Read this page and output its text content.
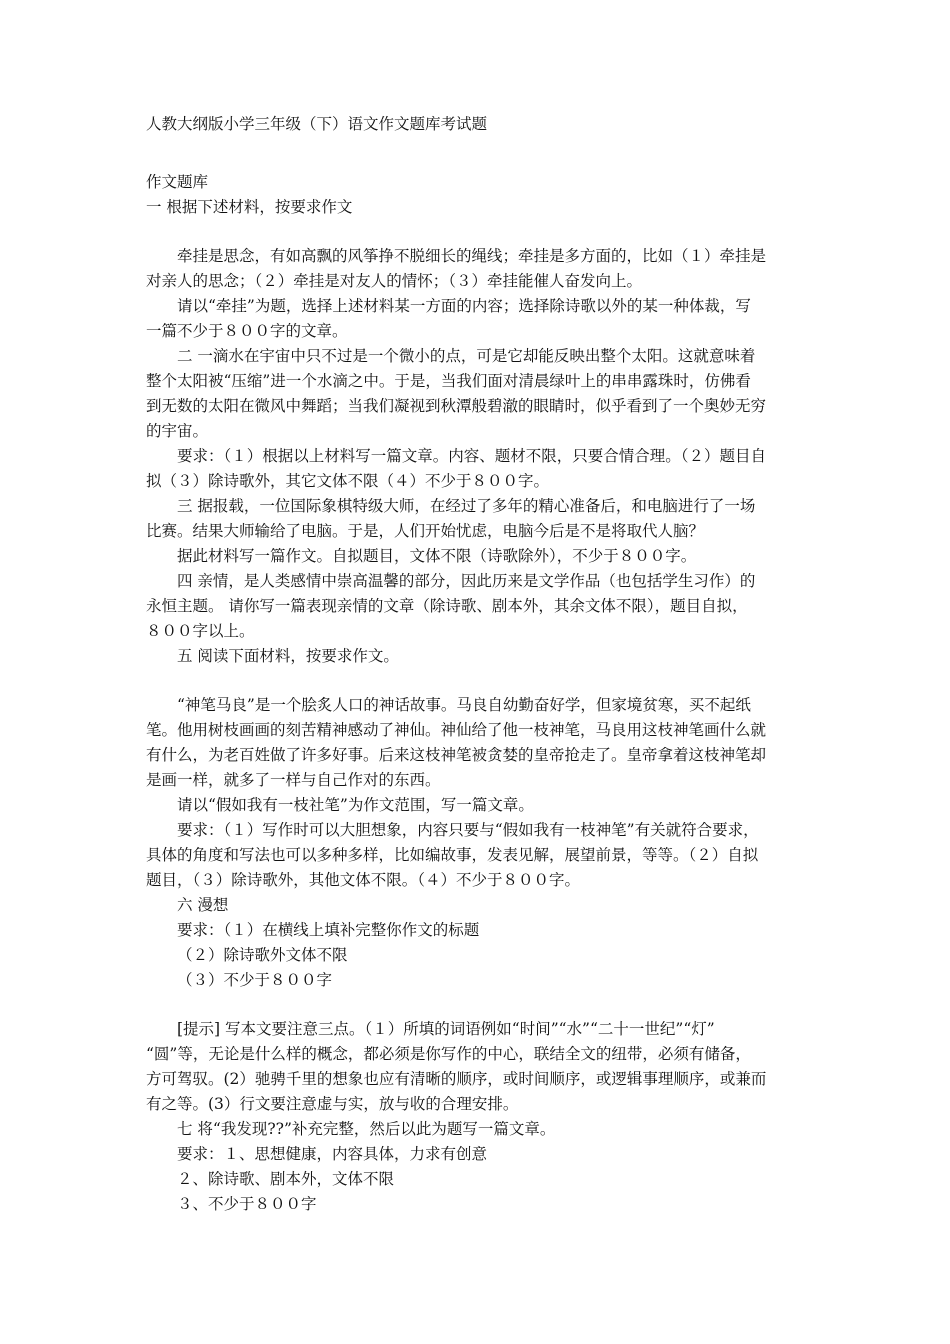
人教大纲版小学三年级（下）语文作文题库考试题
作文题库
一 根据下述材料，按要求作文
牵挂是思念，有如高飘的风筝挣不脱细长的绳线；牵挂是多方面的，比如（１）牵挂是
对亲人的思念；（２）牵挂是对友人的情怀；（３）牵挂能催人奋发向上。
请以“牵挂”为题，选择上述材料某一方面的内容；选择除诗歌以外的某一种体裁，写
一篇不少于８００字的文章。
二 一滴水在宇宙中只不过是一个微小的点，可是它却能反映出整个太阳。这就意味着
整个太阳被“压缩”进一个水滴之中。于是，当我们面对清晨绿叶上的串串露珠时，仿佛看
到无数的太阳在微风中舞蹈；当我们凝视到秋潭般碧澈的眼睛时，似乎看到了一个奥妙无穷
的宇宙。
要求：（１）根据以上材料写一篇文章。内容、题材不限，只要合情合理。（２）题目自
拟（３）除诗歌外，其它文体不限（４）不少于８００字。
三 据报载，一位国际象棋特级大师，在经过了多年的精心准备后，和电脑进行了一场
比赛。结果大师输给了电脑。于是，人们开始忧虑，电脑今后是不是将取代人脑？
据此材料写一篇作文。自拟题目，文体不限（诗歌除外），不少于８００字。
四 亲情，是人类感情中崇高温馨的部分，因此历来是文学作品（也包括学生习作）的
永恒主题。 请你写一篇表现亲情的文章（除诗歌、剧本外，其余文体不限），题目自拟，
８００字以上。
五 阅读下面材料，按要求作文。
“神笔马良”是一个脍炙人口的神话故事。马良自幼勤奋好学，但家境贫寒，买不起纸
笔。他用树枝画画的刻苦精神感动了神仙。神仙给了他一枝神笔，马良用这枝神笔画什么就
有什么，为老百姓做了许多好事。后来这枝神笔被贪婪的皇帝抢走了。皇帝拿着这枝神笔却
是画一样，就多了一样与自己作对的东西。
请以“假如我有一枝社笔”为作文范围，写一篇文章。
要求：（１）写作时可以大胆想象，内容只要与“假如我有一枝神笔”有关就符合要求，
具体的角度和写法也可以多种多样，比如编故事，发表见解，展望前景，等等。（２）自拟
题目，（３）除诗歌外，其他文体不限。（４）不少于８００字。
六 漫想
要求：（１）在横线上填补完整你作文的标题
（２）除诗歌外文体不限
（３）不少于８００字
[提示] 写本文要注意三点。（１）所填的词语例如“时间”“水”“二十一世纪”“灯”
“圆”等，无论是什么样的概念，都必须是你写作的中心，联结全文的纽带，必须有储备，
方可驾驭。(2）驰骋千里的想象也应有清晰的顺序，或时间顺序，或逻辑事理顺序，或兼而
有之等。(3）行文要注意虚与实，放与收的合理安排。
七 将“我发现??”补充完整，然后以此为题写一篇文章。
要求：１、思想健康，内容具体，力求有创意
２、除诗歌、剧本外，文体不限
３、不少于８００字
